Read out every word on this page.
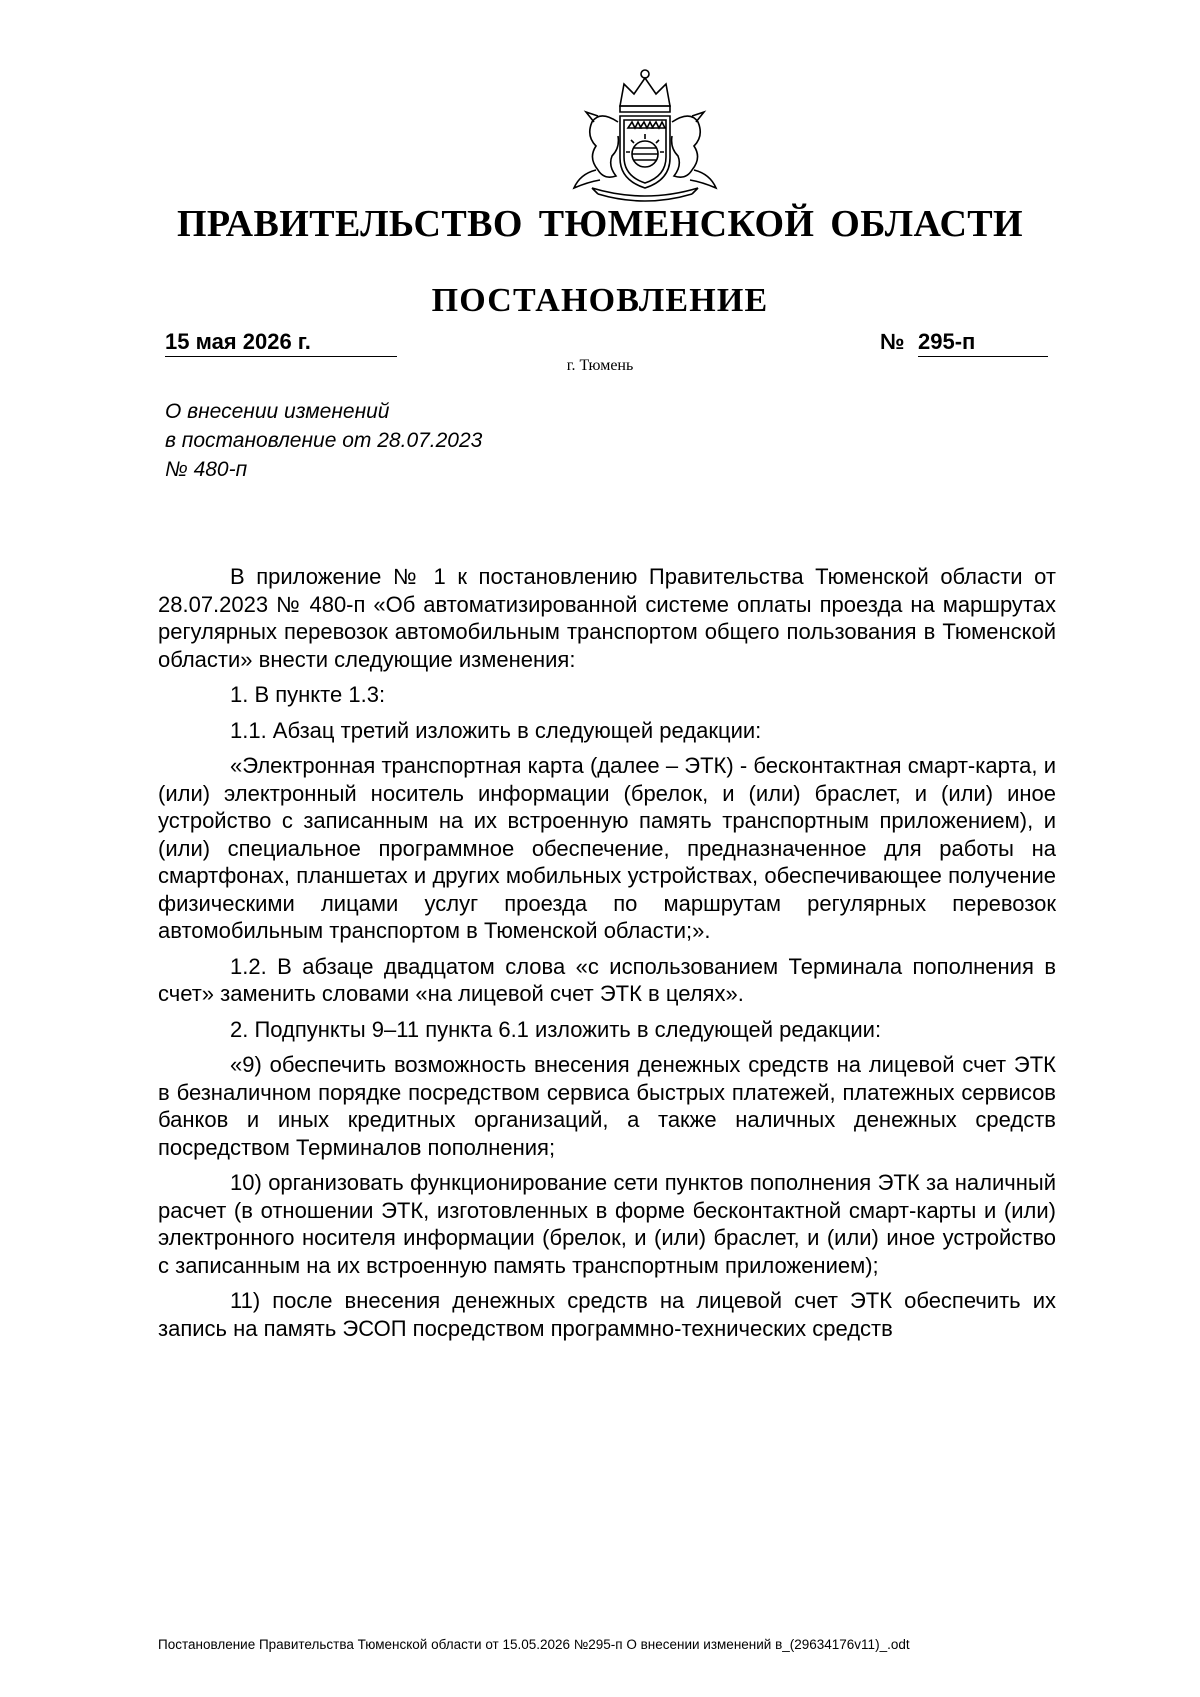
ПРАВИТЕЛЬСТВО ТЮМЕНСКОЙ ОБЛАСТИ
ПОСТАНОВЛЕНИЕ
15 мая 2026 г.	№ 295-п
г. Тюмень
О внесении изменений
в постановление от 28.07.2023
№ 480-п

В приложение № 1 к постановлению Правительства Тюменской области от 28.07.2023 № 480-п «Об автоматизированной системе оплаты проезда на маршрутах регулярных перевозок автомобильным транспортом общего пользования в Тюменской области» внести следующие изменения:

1. В пункте 1.3:

1.1. Абзац третий изложить в следующей редакции:

«Электронная транспортная карта (далее – ЭТК) - бесконтактная смарт-карта, и (или) электронный носитель информации (брелок, и (или) браслет, и (или) иное устройство с записанным на их встроенную память транспортным приложением), и (или) специальное программное обеспечение, предназначенное для работы на смартфонах, планшетах и других мобильных устройствах, обеспечивающее получение физическими лицами услуг проезда по маршрутам регулярных перевозок автомобильным транспортом в Тюменской области;».

1.2. В абзаце двадцатом слова «с использованием Терминала пополнения в счет» заменить словами «на лицевой счет ЭТК в целях».

2. Подпункты 9–11 пункта 6.1 изложить в следующей редакции:

«9) обеспечить возможность внесения денежных средств на лицевой счет ЭТК в безналичном порядке посредством сервиса быстрых платежей, платежных сервисов банков и иных кредитных организаций, а также наличных денежных средств посредством Терминалов пополнения;

10) организовать функционирование сети пунктов пополнения ЭТК за наличный расчет (в отношении ЭТК, изготовленных в форме бесконтактной смарт-карты и (или) электронного носителя информации (брелок, и (или) браслет, и (или) иное устройство с записанным на их встроенную память транспортным приложением);

11) после внесения денежных средств на лицевой счет ЭТК обеспечить их запись на память ЭСОП посредством программно-технических средств

Постановление Правительства Тюменской области от 15.05.2026 №295-п О внесении изменений в_(29634176v11)_.odt
